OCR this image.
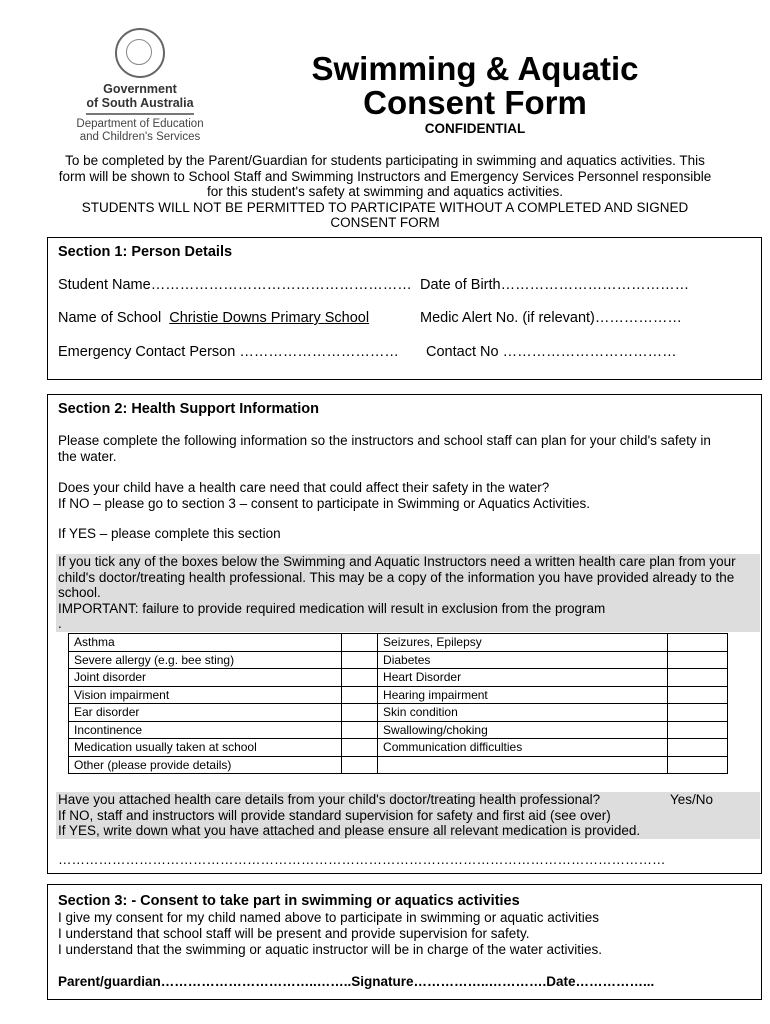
Government
of South Australia
Department of Education
and Children's Services
Swimming & Aquatic
Consent Form
CONFIDENTIAL
To be completed by the Parent/Guardian for students participating in swimming and aquatics activities. This
form will be shown to School Staff and Swimming Instructors and Emergency Services Personnel responsible
for this student's safety at swimming and aquatics activities.
STUDENTS WILL NOT BE PERMITTED TO PARTICIPATE WITHOUT A COMPLETED AND SIGNED
CONSENT FORM
Section 1: Person Details
Student Name……………………………………………… Date of Birth…………………………………
Name of School Christie Downs Primary School	Medic Alert No. (if relevant)………………
Emergency Contact Person …………………………… Contact No ………………………………
Section 2: Health Support Information
Please complete the following information so the instructors and school staff can plan for your child's safety in the water.
Does your child have a health care need that could affect their safety in the water?
If NO – please go to section 3 – consent to participate in Swimming or Aquatics Activities.
If YES – please complete this section
If you tick any of the boxes below the Swimming and Aquatic Instructors need a written health care plan from your child's doctor/treating health professional. This may be a copy of the information you have provided already to the school.
IMPORTANT: failure to provide required medication will result in exclusion from the program
.
Asthma		Seizures, Epilepsy	
Severe allergy (e.g. bee sting)		Diabetes	
Joint disorder		Heart Disorder	
Vision impairment		Hearing impairment	
Ear disorder		Skin condition	
Incontinence		Swallowing/choking	
Medication usually taken at school		Communication difficulties	
Other (please provide details)			
Have you attached health care details from your child's doctor/treating health professional?	Yes/No
If NO, staff and instructors will provide standard supervision for safety and first aid (see over)
If YES, write down what you have attached and please ensure all relevant medication is provided.
………………………………………………………………………………………………………………………
Section 3: - Consent to take part in swimming or aquatics activities
I give my consent for my child named above to participate in swimming or aquatic activities
I understand that school staff will be present and provide supervision for safety.
I understand that the swimming or aquatic instructor will be in charge of the water activities.
Parent/guardian……………………………..……..Signature……………..………….Date……………...
